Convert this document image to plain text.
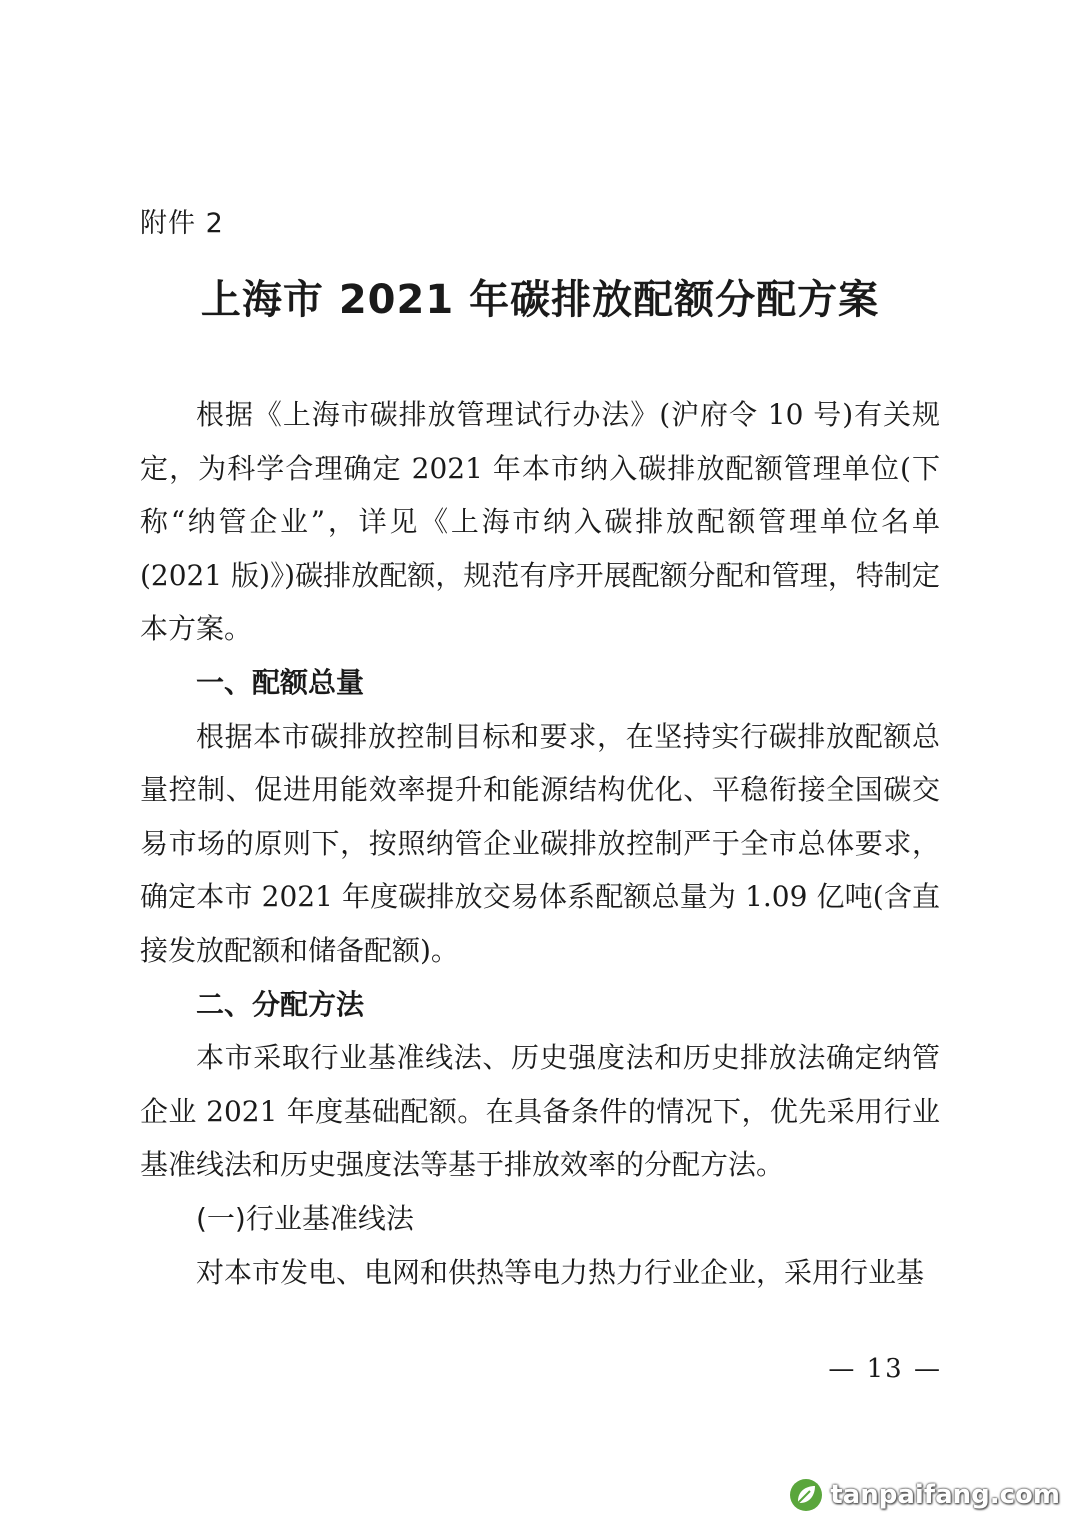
附件 2
上海市 2021 年碳排放配额分配方案

根据《上海市碳排放管理试行办法》(沪府令 10 号)有关规定，为科学合理确定 2021 年本市纳入碳排放配额管理单位(下称“纳管企业”，详见《上海市纳入碳排放配额管理单位名单(2021 版)》)碳排放配额，规范有序开展配额分配和管理，特制定本方案。

一、配额总量

根据本市碳排放控制目标和要求，在坚持实行碳排放配额总量控制、促进用能效率提升和能源结构优化、平稳衔接全国碳交易市场的原则下，按照纳管企业碳排放控制严于全市总体要求，确定本市 2021 年度碳排放交易体系配额总量为 1.09 亿吨(含直接发放配额和储备配额)。

二、分配方法

本市采取行业基准线法、历史强度法和历史排放法确定纳管企业 2021 年度基础配额。在具备条件的情况下，优先采用行业基准线法和历史强度法等基于排放效率的分配方法。

(一)行业基准线法

对本市发电、电网和供热等电力热力行业企业，采用行业基

— 13 —
tanpaifang.com
